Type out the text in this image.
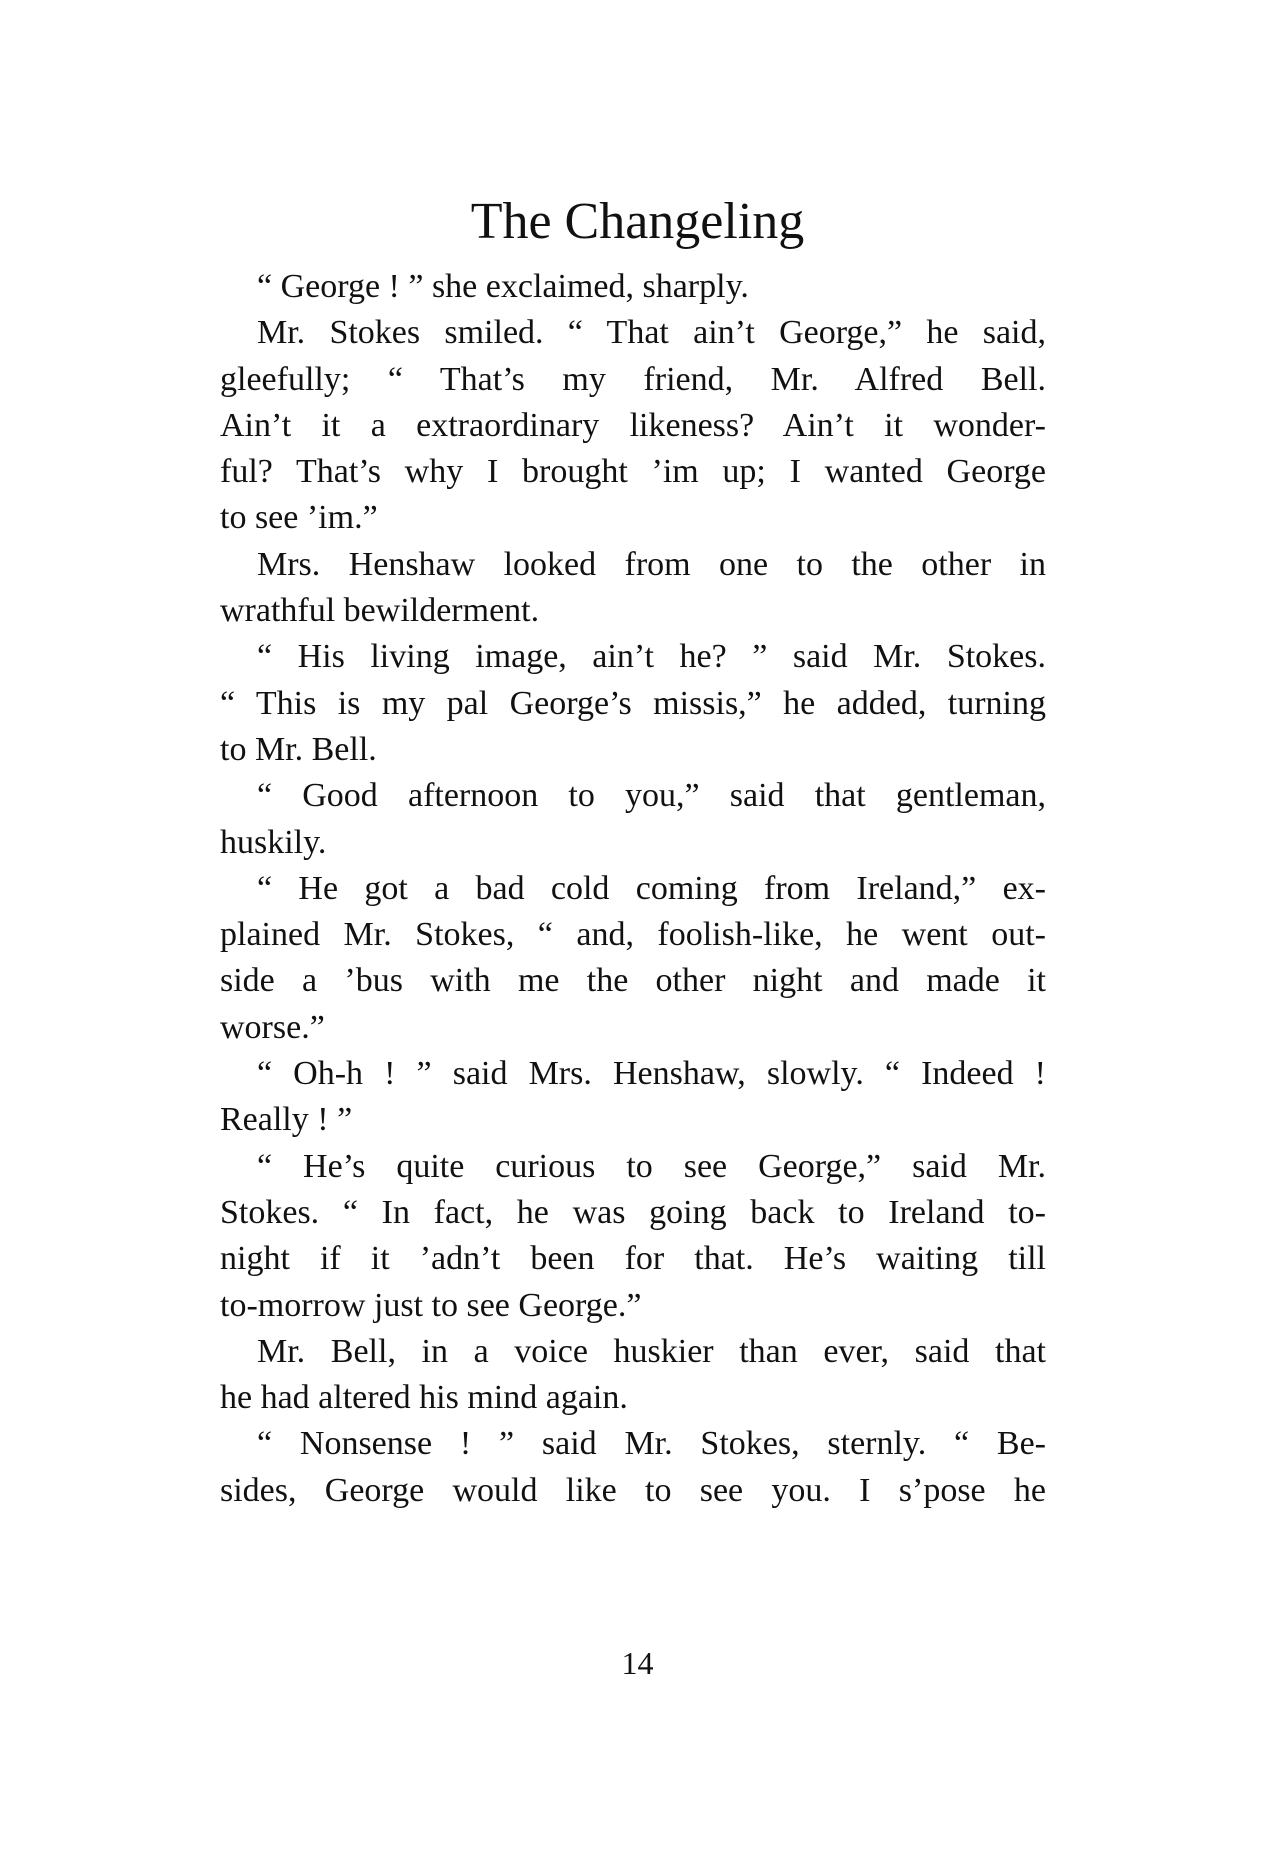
The Changeling
“ George ! ” she exclaimed, sharply.
Mr. Stokes smiled. “ That ain’t George,” he said,
gleefully; “ That’s my friend, Mr. Alfred Bell.
Ain’t it a extraordinary likeness? Ain’t it wonder-
ful? That’s why I brought ’im up; I wanted George
to see ’im.”
Mrs. Henshaw looked from one to the other in
wrathful bewilderment.
“ His living image, ain’t he? ” said Mr. Stokes.
“ This is my pal George’s missis,” he added, turning
to Mr. Bell.
“ Good afternoon to you,” said that gentleman,
huskily.
“ He got a bad cold coming from Ireland,” ex-
plained Mr. Stokes, “ and, foolish-like, he went out-
side a ’bus with me the other night and made it
worse.”
“ Oh-h ! ” said Mrs. Henshaw, slowly. “ Indeed !
Really ! ”
“ He’s quite curious to see George,” said Mr.
Stokes. “ In fact, he was going back to Ireland to-
night if it ’adn’t been for that. He’s waiting till
to-morrow just to see George.”
Mr. Bell, in a voice huskier than ever, said that
he had altered his mind again.
“ Nonsense ! ” said Mr. Stokes, sternly. “ Be-
sides, George would like to see you. I s’pose he
14
